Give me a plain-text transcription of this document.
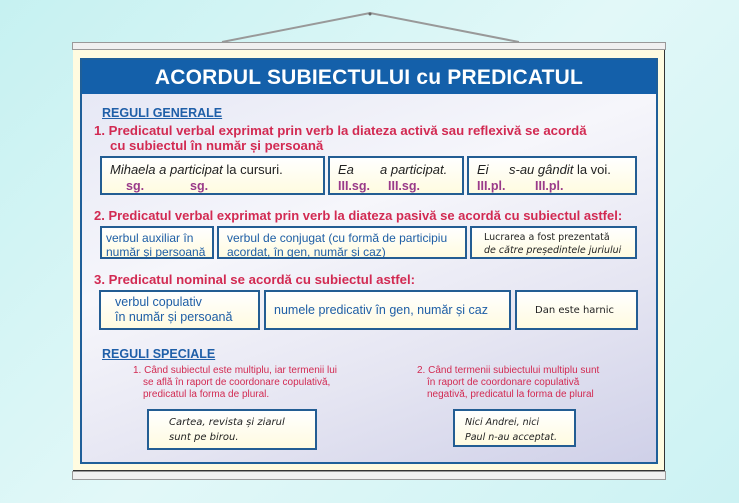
ACORDUL SUBIECTULUI cu PREDICATUL
REGULI GENERALE
1. Predicatul verbal exprimat prin verb la diateza activă sau reflexivă se acordă
cu subiectul în număr și persoană
Mihaela a participat la cursuri.
sg.	sg.
Ea a participat.
III.sg. III.sg.
Ei s-au gândit la voi.
III.pl. III.pl.
2. Predicatul verbal exprimat prin verb la diateza pasivă se acordă cu subiectul astfel:
verbul auxiliar în
număr și persoană
verbul de conjugat (cu formă de participiu
acordat, în gen, număr și caz)
Lucrarea a fost prezentată
de către președintele juriului
3. Predicatul nominal se acordă cu subiectul astfel:
verbul copulativ
în număr și persoană	numele predicativ în gen, număr și caz	Dan este harnic
REGULI SPECIALE
1. Când subiectul este multiplu, iar termenii lui
se află în raport de coordonare copulativă,
predicatul la forma de plural.
2. Când termenii subiectului multiplu sunt
în raport de coordonare copulativă
negativă, predicatul la forma de plural
Cartea, revista și ziarul
sunt pe birou.
Nici Andrei, nici
Paul n-au acceptat.
